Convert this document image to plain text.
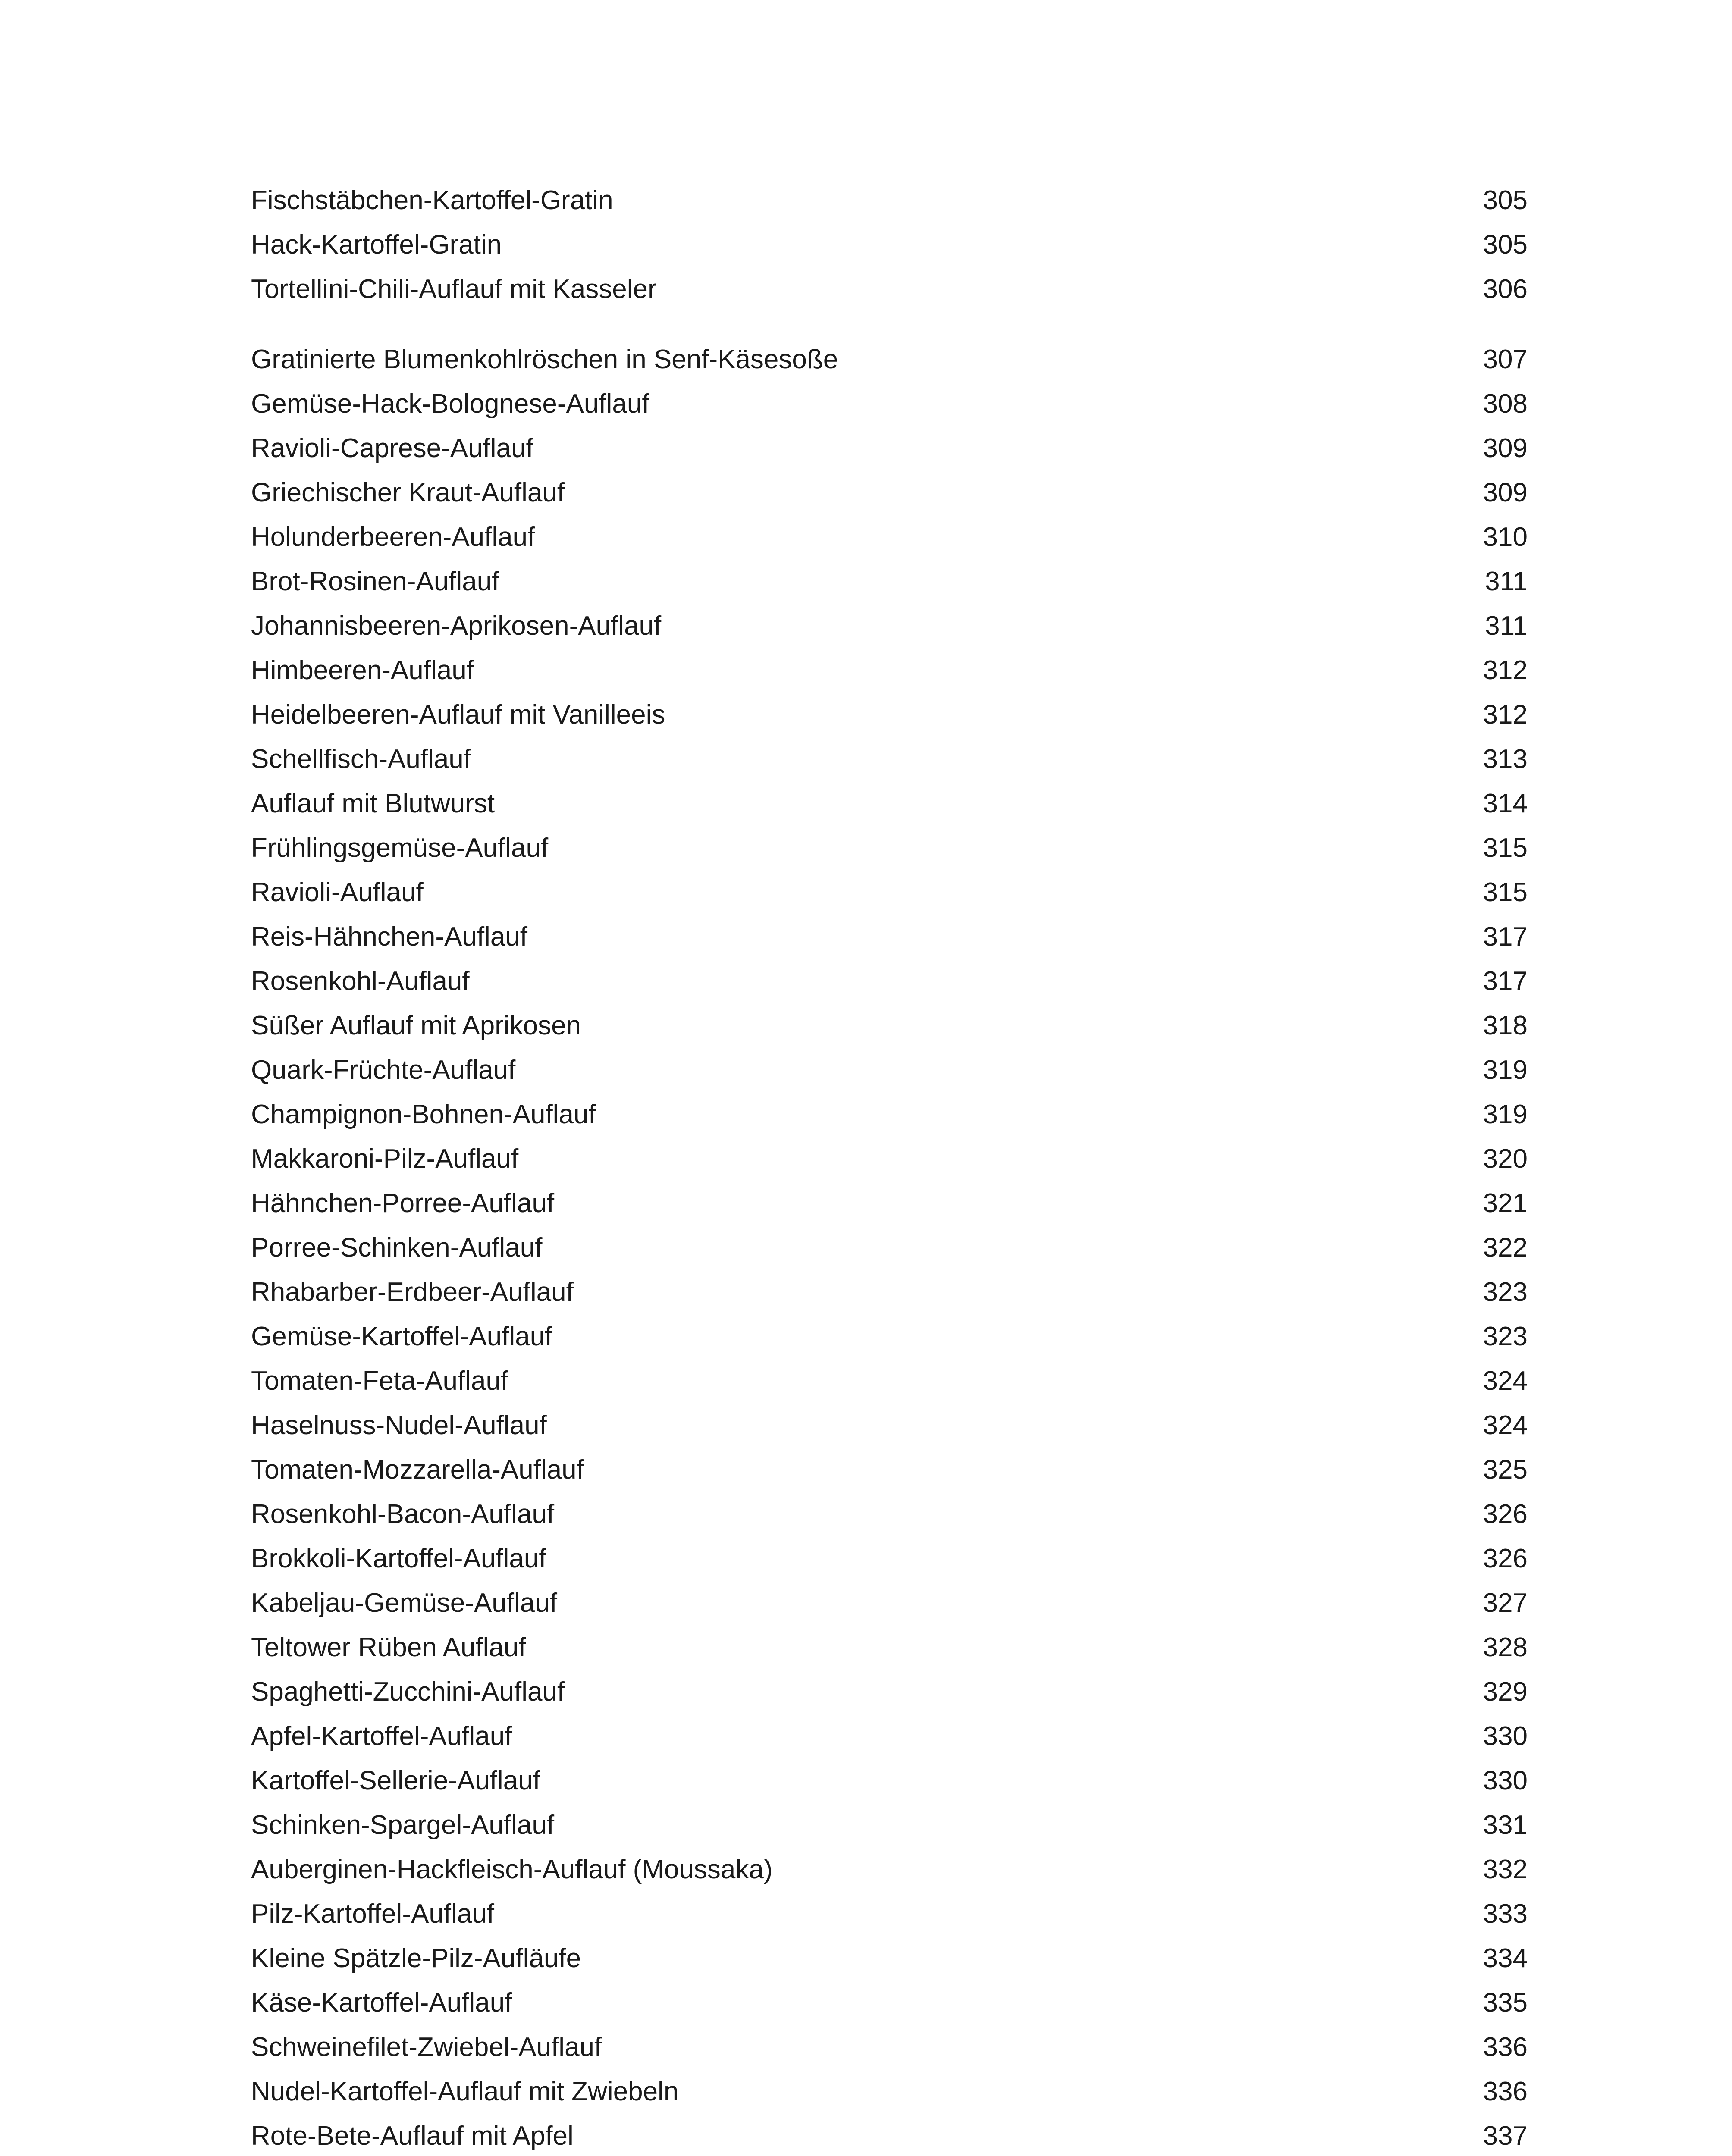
Fischstäbchen-Kartoffel-Gratin	305
Hack-Kartoffel-Gratin	305
Tortellini-Chili-Auflauf mit Kasseler	306
Gratinierte Blumenkohlröschen in Senf-Käsesoße	307
Gemüse-Hack-Bolognese-Auflauf	308
Ravioli-Caprese-Auflauf	309
Griechischer Kraut-Auflauf	309
Holunderbeeren-Auflauf	310
Brot-Rosinen-Auflauf	311
Johannisbeeren-Aprikosen-Auflauf	311
Himbeeren-Auflauf	312
Heidelbeeren-Auflauf mit Vanilleeis	312
Schellfisch-Auflauf	313
Auflauf mit Blutwurst	314
Frühlingsgemüse-Auflauf	315
Ravioli-Auflauf	315
Reis-Hähnchen-Auflauf	317
Rosenkohl-Auflauf	317
Süßer Auflauf mit Aprikosen	318
Quark-Früchte-Auflauf	319
Champignon-Bohnen-Auflauf	319
Makkaroni-Pilz-Auflauf	320
Hähnchen-Porree-Auflauf	321
Porree-Schinken-Auflauf	322
Rhabarber-Erdbeer-Auflauf	323
Gemüse-Kartoffel-Auflauf	323
Tomaten-Feta-Auflauf	324
Haselnuss-Nudel-Auflauf	324
Tomaten-Mozzarella-Auflauf	325
Rosenkohl-Bacon-Auflauf	326
Brokkoli-Kartoffel-Auflauf	326
Kabeljau-Gemüse-Auflauf	327
Teltower Rüben Auflauf	328
Spaghetti-Zucchini-Auflauf	329
Apfel-Kartoffel-Auflauf	330
Kartoffel-Sellerie-Auflauf	330
Schinken-Spargel-Auflauf	331
Auberginen-Hackfleisch-Auflauf (Moussaka)	332
Pilz-Kartoffel-Auflauf	333
Kleine Spätzle-Pilz-Aufläufe	334
Käse-Kartoffel-Auflauf	335
Schweinefilet-Zwiebel-Auflauf	336
Nudel-Kartoffel-Auflauf mit Zwiebeln	336
Rote-Bete-Auflauf mit Apfel	337
